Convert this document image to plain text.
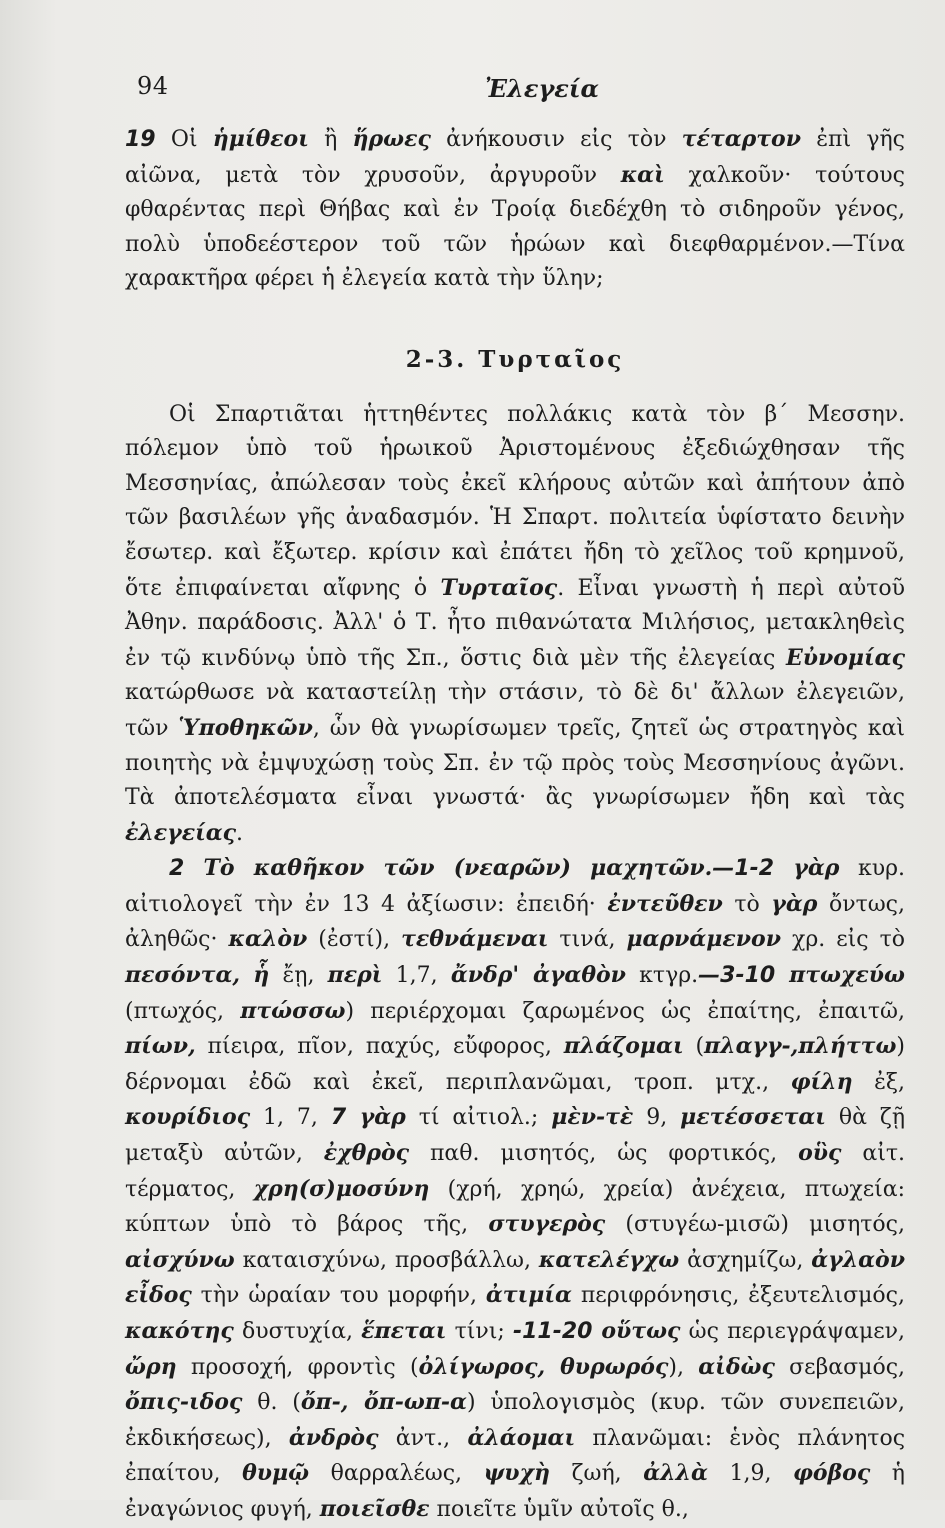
94	Ἐλεγεία

19 Οἱ ἡμίθεοι ἢ ἥρωες ἀνήκουσιν εἰς τὸν τέταρτον ἐπὶ γῆς αἰῶνα, μετὰ τὸν χρυσοῦν, ἀργυροῦν καὶ χαλκοῦν· τούτους φθαρέντας περὶ Θήβας καὶ ἐν Τροίᾳ διεδέχθη τὸ σιδηροῦν γένος, πολὺ ὑποδεέστερον τοῦ τῶν ἡρώων καὶ διεφθαρμένον.—Τίνα χαρακτῆρα φέρει ἡ ἐλεγεία κατὰ τὴν ὕλην;

2-3. Τυρταῖος

Οἱ Σπαρτιᾶται ἡττηθέντες πολλάκις κατὰ τὸν β΄ Μεσσην. πόλεμον ὑπὸ τοῦ ἡρωικοῦ Ἀριστομένους ἐξεδιώχθησαν τῆς Μεσσηνίας, ἀπώλεσαν τοὺς ἐκεῖ κλήρους αὐτῶν καὶ ἀπήτουν ἀπὸ τῶν βασιλέων γῆς ἀναδασμόν. Ἡ Σπαρτ. πολιτεία ὑφίστατο δεινὴν ἔσωτερ. καὶ ἔξωτερ. κρίσιν καὶ ἐπάτει ἤδη τὸ χεῖλος τοῦ κρημνοῦ, ὅτε ἐπιφαίνεται αἴφνης ὁ Τυρταῖος. Εἶναι γνωστὴ ἡ περὶ αὐτοῦ Ἀθην. παράδοσις. Ἀλλ' ὁ Τ. ἦτο πιθανώτατα Μιλήσιος, μετακληθεὶς ἐν τῷ κινδύνῳ ὑπὸ τῆς Σπ., ὅστις διὰ μὲν τῆς ἐλεγείας Εὐνομίας κατώρθωσε νὰ καταστείλῃ τὴν στάσιν, τὸ δὲ δι' ἄλλων ἐλεγειῶν, τῶν Ὑποθηκῶν, ὧν θὰ γνωρίσωμεν τρεῖς, ζητεῖ ὡς στρατηγὸς καὶ ποιητὴς νὰ ἐμψυχώσῃ τοὺς Σπ. ἐν τῷ πρὸς τοὺς Μεσσηνίους ἀγῶνι. Τὰ ἀποτελέσματα εἶναι γνωστά· ἂς γνωρίσωμεν ἤδη καὶ τὰς ἐλεγείας.

2 Τὸ καθῆκον τῶν (νεαρῶν) μαχητῶν.—1-2 γὰρ κυρ. αἰτιολογεῖ τὴν ἐν 13 4 ἀξίωσιν: ἐπειδή· ἐντεῦθεν τὸ γὰρ ὄντως, ἀληθῶς· καλὸν (ἐστί), τεθνάμεναι τινά, μαρνάμενον χρ. εἰς τὸ πεσόντα, ἧ ἔῃ, περὶ 1,7, ἄνδρ' ἀγαθὸν κτγρ.—3-10 πτωχεύω (πτωχός, πτώσσω) περιέρχομαι ζαρωμένος ὡς ἐπαίτης, ἐπαιτῶ, πίων, πίειρα, πῖον, παχύς, εὔφορος, πλάζομαι (πλαγγ-,πλήττω) δέρνομαι ἐδῶ καὶ ἐκεῖ, περιπλανῶμαι, τροπ. μτχ., φίλη ἐξ, κουρίδιος 1, 7, 7 γὰρ τί αἰτιολ.; μὲν-τὲ 9, μετέσσεται θὰ ζῇ μεταξὺ αὐτῶν, ἐχθρὸς παθ. μισητός, ὡς φορτικός, οὓς αἰτ. τέρματος, χρη(σ)μοσύνη (χρή, χρηώ, χρεία) ἀνέχεια, πτωχεία: κύπτων ὑπὸ τὸ βάρος τῆς, στυγερὸς (στυγέω-μισῶ) μισητός, αἰσχύνω καταισχύνω, προσβάλλω, κατελέγχω ἀσχημίζω, ἀγλαὸν εἶδος τὴν ὡραίαν του μορφήν, ἀτιμία περιφρόνησις, ἐξευτελισμός, κακότης δυστυχία, ἕπεται τίνι; -11-20 οὕτως ὡς περιεγράψαμεν, ὤρη προσοχή, φροντὶς (ὀλίγωρος, θυρωρός), αἰδὼς σεβασμός, ὄπις-ιδος θ. (ὄπ-, ὄπ-ωπ-α) ὑπολογισμὸς (κυρ. τῶν συνεπειῶν, ἐκδικήσεως), ἀνδρὸς ἀντ., ἀλάομαι πλανῶμαι: ἑνὸς πλάνητος ἐπαίτου, θυμῷ θαρραλέως, ψυχὴ ζωή, ἀλλὰ 1,9, φόβος ἡ ἐναγώνιος φυγή, ποιεῖσθε ποιεῖτε ὑμῖν αὐτοῖς θ.,
